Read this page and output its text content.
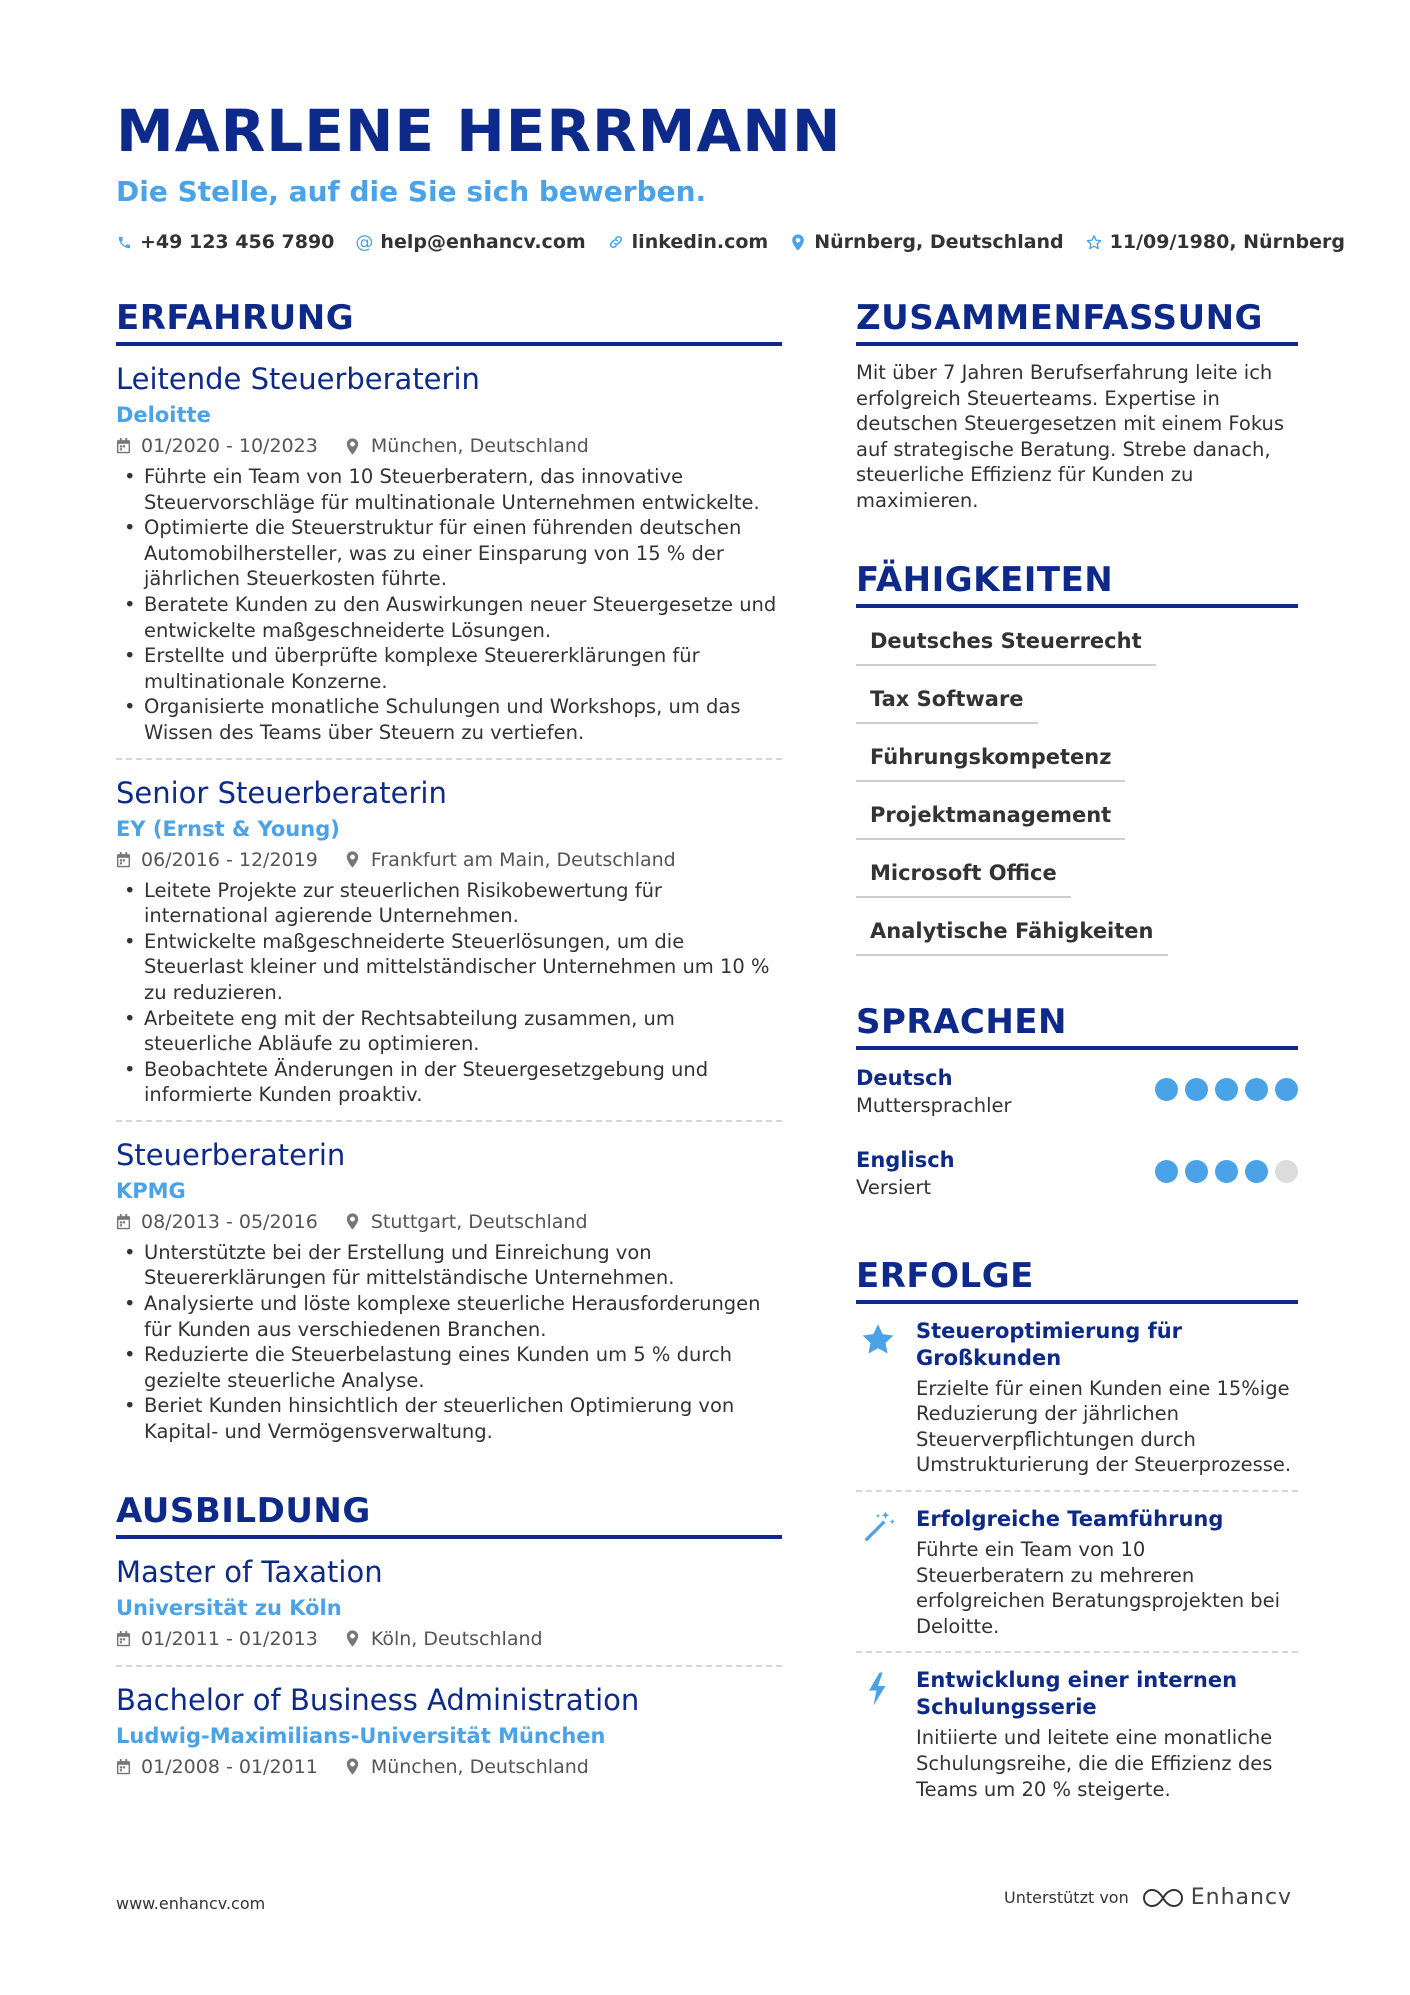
MARLENE HERRMANN
Die Stelle, auf die Sie sich bewerben.
+49 123 456 7890 @ help@enhancv.com linkedin.com Nürnberg, Deutschland 11/09/1980, Nürnberg
ERFAHRUNG
Leitende Steuerberaterin
Deloitte
01/2020 - 10/2023	München, Deutschland
• Führte ein Team von 10 Steuerberatern, das innovative Steuervorschläge für multinationale Unternehmen entwickelte.
• Optimierte die Steuerstruktur für einen führenden deutschen Automobilhersteller, was zu einer Einsparung von 15 % der jährlichen Steuerkosten führte.
• Beratete Kunden zu den Auswirkungen neuer Steuergesetze und entwickelte maßgeschneiderte Lösungen.
• Erstellte und überprüfte komplexe Steuererklärungen für multinationale Konzerne.
• Organisierte monatliche Schulungen und Workshops, um das Wissen des Teams über Steuern zu vertiefen.
Senior Steuerberaterin
EY (Ernst & Young)
06/2016 - 12/2019	Frankfurt am Main, Deutschland
• Leitete Projekte zur steuerlichen Risikobewertung für international agierende Unternehmen.
• Entwickelte maßgeschneiderte Steuerlösungen, um die Steuerlast kleiner und mittelständischer Unternehmen um 10 % zu reduzieren.
• Arbeitete eng mit der Rechtsabteilung zusammen, um steuerliche Abläufe zu optimieren.
• Beobachtete Änderungen in der Steuergesetzgebung und informierte Kunden proaktiv.
Steuerberaterin
KPMG
08/2013 - 05/2016	Stuttgart, Deutschland
• Unterstützte bei der Erstellung und Einreichung von Steuererklärungen für mittelständische Unternehmen.
• Analysierte und löste komplexe steuerliche Herausforderungen für Kunden aus verschiedenen Branchen.
• Reduzierte die Steuerbelastung eines Kunden um 5 % durch gezielte steuerliche Analyse.
• Beriet Kunden hinsichtlich der steuerlichen Optimierung von Kapital- und Vermögensverwaltung.
AUSBILDUNG
Master of Taxation
Universität zu Köln
01/2011 - 01/2013	Köln, Deutschland
Bachelor of Business Administration
Ludwig-Maximilians-Universität München
01/2008 - 01/2011	München, Deutschland
ZUSAMMENFASSUNG
Mit über 7 Jahren Berufserfahrung leite ich erfolgreich Steuerteams. Expertise in deutschen Steuergesetzen mit einem Fokus auf strategische Beratung. Strebe danach, steuerliche Effizienz für Kunden zu maximieren.
FÄHIGKEITEN
Deutsches Steuerrecht
Tax Software
Führungskompetenz
Projektmanagement
Microsoft Office
Analytische Fähigkeiten
SPRACHEN
Deutsch
Muttersprachler
Englisch
Versiert
ERFOLGE
Steueroptimierung für Großkunden
Erzielte für einen Kunden eine 15%ige Reduzierung der jährlichen Steuerverpflichtungen durch Umstrukturierung der Steuerprozesse.
Erfolgreiche Teamführung
Führte ein Team von 10 Steuerberatern zu mehreren erfolgreichen Beratungsprojekten bei Deloitte.
Entwicklung einer internen Schulungsserie
Initiierte und leitete eine monatliche Schulungsreihe, die die Effizienz des Teams um 20 % steigerte.
www.enhancv.com	Unterstützt von	Enhancv
